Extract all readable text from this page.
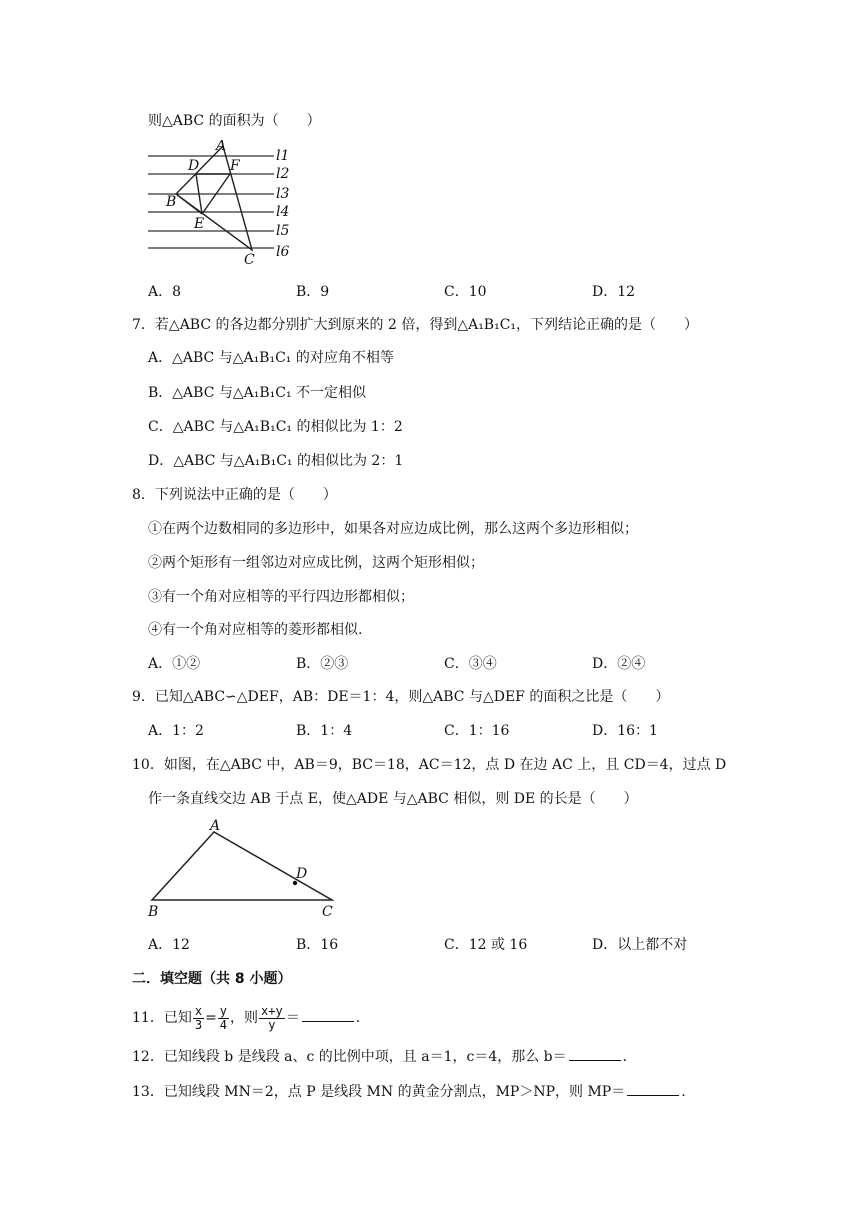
则△ABC 的面积为（　　）
A
D F
B
E
C
l1
l2
l3
l4
l5
l6
A．8	B．9	C．10	D．12
7．若△ABC 的各边都分别扩大到原来的 2 倍，得到△A₁B₁C₁，下列结论正确的是（　　）
A．△ABC 与△A₁B₁C₁ 的对应角不相等
B．△ABC 与△A₁B₁C₁ 不一定相似
C．△ABC 与△A₁B₁C₁ 的相似比为 1：2
D．△ABC 与△A₁B₁C₁ 的相似比为 2：1
8．下列说法中正确的是（　　）
①在两个边数相同的多边形中，如果各对应边成比例，那么这两个多边形相似；
②两个矩形有一组邻边对应成比例，这两个矩形相似；
③有一个角对应相等的平行四边形都相似；
④有一个角对应相等的菱形都相似.
A．①②	B．②③	C．③④	D．②④
9．已知△ABC∽△DEF，AB：DE＝1：4，则△ABC 与△DEF 的面积之比是（　　）
A．1：2	B．1：4	C．1：16	D．16：1
10．如图，在△ABC 中，AB＝9，BC＝18，AC＝12，点 D 在边 AC 上，且 CD＝4，过点 D
作一条直线交边 AB 于点 E，使△ADE 与△ABC 相似，则 DE 的长是（　　）
A
D
B	C
A．12	B．16	C．12 或 16	D．以上都不对
二．填空题（共 8 小题）
11．已知 $\frac{x}{3} = \frac{y}{4}$ ，则 $\frac{x+y}{y}$ ＝	.
12．已知线段 b 是线段 a、c 的比例中项，且 a＝1，c＝4，那么 b＝	.
13．已知线段 MN＝2，点 P 是线段 MN 的黄金分割点，MP＞NP，则 MP＝	.
